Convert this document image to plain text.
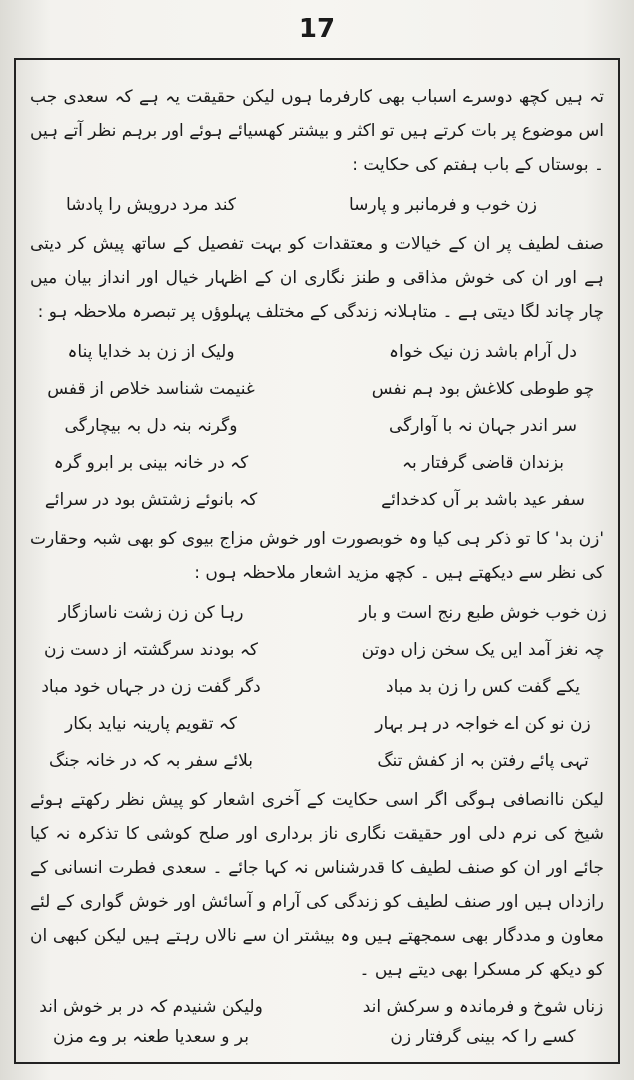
17

تہ ہیں کچھ دوسرے اسباب بھی کارفرما ہوں لیکن حقیقت یہ ہے کہ سعدی جب اس موضوع پر بات کرتے ہیں تو اکثر و بیشتر کھسیائے ہوئے اور برہم نظر آتے ہیں ۔ بوستاں کے باب ہفتم کی حکایت :

زن خوب و فرمانبر و پارسا
کند مرد درویش را پادشا

صنف لطیف پر ان کے خیالات و معتقدات کو بہت تفصیل کے ساتھ پیش کر دیتی ہے اور ان کی خوش مذاقی و طنز نگاری ان کے اظہار خیال اور انداز بیان میں چار چاند لگا دیتی ہے ۔ متاہلانہ زندگی کے مختلف پہلوؤں پر تبصرہ ملاحظہ ہو :

دل آرام باشد زن نیک خواہ
ولیک از زن بد خدایا پناہ
چو طوطی کلاغش بود ہم نفس
غنیمت شناسد خلاص از قفس
سر اندر جہان نہ با آوارگی
وگرنہ بنہ دل بہ بیچارگی
بزندان قاضی گرفتار بہ
کہ در خانہ بینی بر ابرو گرہ
سفر عید باشد بر آں کدخدائے
کہ بانوئے زشتش بود در سرائے

'زن بد' کا تو ذکر ہی کیا وہ خوبصورت اور خوش مزاج بیوی کو بھی شبہ وحقارت کی نظر سے دیکھتے ہیں ۔ کچھ مزید اشعار ملاحظہ ہوں :

زن خوب خوش طبع رنج است و بار
رہا کن زن زشت ناسازگار
چہ نغز آمد ایں یک سخن زاں دوتن
کہ بودند سرگشتہ از دست زن
یکے گفت کس را زن بد مباد
دگر گفت زن در جہاں خود مباد
زن نو کن اے خواجہ در ہر بہار
کہ تقویم پارینہ نیاید بکار
تہی پائے رفتن بہ از کفش تنگ
بلائے سفر بہ کہ در خانہ جنگ

لیکن ناانصافی ہوگی اگر اسی حکایت کے آخری اشعار کو پیش نظر رکھتے ہوئے شیخ کی نرم دلی اور حقیقت نگاری ناز برداری اور صلح کوشی کا تذکرہ نہ کیا جائے اور ان کو صنف لطیف کا قدرشناس نہ کہا جائے ۔ سعدی فطرت انسانی کے رازداں ہیں اور صنف لطیف کو زندگی کی آرام و آسائش اور خوش گواری کے لئے معاون و مددگار بھی سمجھتے ہیں وہ بیشتر ان سے نالاں رہتے ہیں لیکن کبھی ان کو دیکھ کر مسکرا بھی دیتے ہیں ۔

زناں شوخ و فرماندہ و سرکش اند
ولیکن شنیدم کہ در بر خوش اند
کسے را کہ بینی گرفتار زن
بر و سعدیا طعنہ بر وے مزن
